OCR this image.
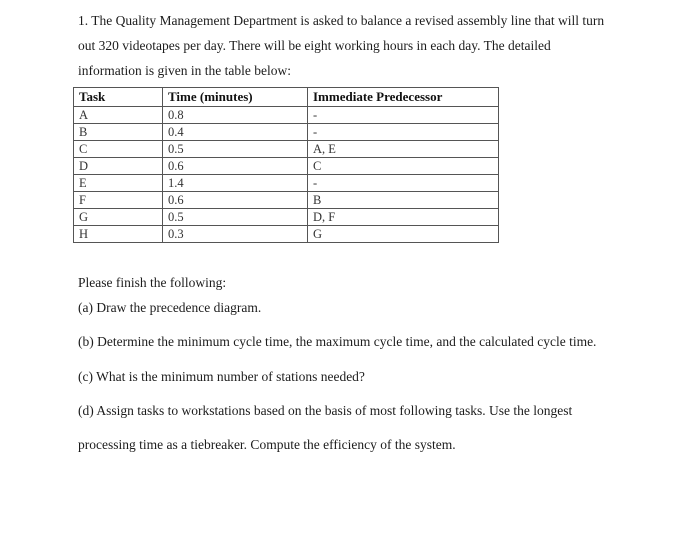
1. The Quality Management Department is asked to balance a revised assembly line that will turn
out 320 videotapes per day. There will be eight working hours in each day. The detailed
information is given in the table below:
Task	Time (minutes)	Immediate Predecessor
A	0.8	-
B	0.4	-
C	0.5	A, E
D	0.6	C
E	1.4	-
F	0.6	B
G	0.5	D, F
H	0.3	G
Please finish the following:
(a) Draw the precedence diagram.
(b) Determine the minimum cycle time, the maximum cycle time, and the calculated cycle time.
(c) What is the minimum number of stations needed?
(d) Assign tasks to workstations based on the basis of most following tasks. Use the longest
processing time as a tiebreaker. Compute the efficiency of the system.
